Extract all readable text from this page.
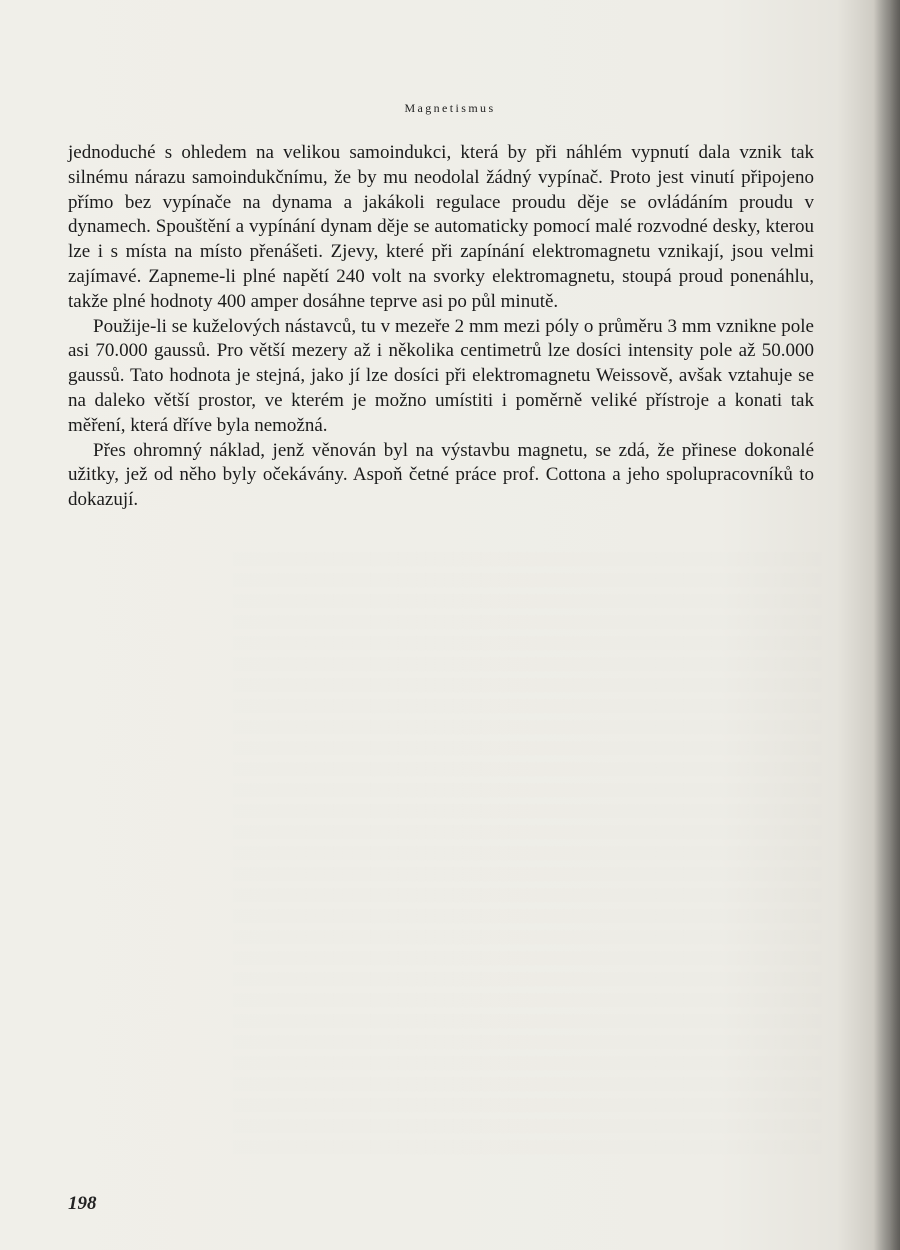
░░░░░░░░░░░░░░░░░░░░░░░░░░░░░░░░░░░░░░░░░░░░░░░░░░░░░░░░░░░░░░░░
░░░░░░░░░░░░░░░░░░░░░░░░░░░░░░░░░░░░░░░░░░░░░░░░░░░░░░░░░░░░░░░░
░░░░░░░░░░░░░░░░░░░░░░░░░░░░░░░░░░░░░░░░░░░░░░░░░░░░░░░░░░░░░░░░
░░░░░░░░░░░░░░░░░░░░░░░░░░░░░░░░░░░░░░░░░░░░░░░░░░░░░░░░░░░░░░░░
░░░░░░░░░░░░░░░░░░░░░░░░░░░░░░░░░░░░░░░░░░░░░░░░░░░░░░░░░░░░░░░░
░░░░░░░░░░░░░░░░░░░░░░░░░░░░░░░░░░░░░░░░░░░░░░░░░░░░░░░░░░░░░░░░
░░░░░░░░░░░░░░░░░░░░░░░░░░░░░░░░░░░░░░░░░░░░░░░░░░░░░░░░░░░░░░░░
░░░░░░░░░░░░░░░░░░░░░░░░░░░░░░░░░░░░░░░░░░░░░░░░░░░░░░░░░░░░░░░░
░░░░░░░░░░░░░░░░░░░░░░░░░░░░░░░░░░░░░░░░░░░░░░░░░░░░░░░░░░░░░░░░
░░░░░░░░░░░░░░░░░░░░░░░░░░░░░░░░░░░░░░░░░░░░░░░░░░░░░░░░░░░░░░░░
░░░░░░░░░░░░░░░░░░░░░░░░░░░░░░░░░░░░░░░░░░░░░░░░░░░░░░░░░░░░░░░░
░░░░░░░░░░░░░░░░░░░░░░░░░░░░░░░░░░░░░░░░░░░░░░░░░░░░░░░░░░░░░░░░
░░░░░░░░░░░░░░░░░░░░░░░░░░░░░░░░░░░░░░░░░░░░░░░░░░░░░░░░░░░░░░░░
░░░░░░░░░░░░░░░░░░░░░░░░░░░░░░░░░░░░░░░░░░░░░░░░░░░░░░░░░░░░░░░░
░░░░░░░░░░░░░░░░░░░░░░░░░░░░░░░░░░░░░░░░░░░░░░░░░░░░░░░░░░░░░░░░
░░░░░░░░░░░░░░░░░░░░░░░░░░░░░░░░░░░░░░░░░░░░░░░░░░░░░░░░░░░░░░░░
░░░░░░░░░░░░░░░░░░░░░░░░░░░░░░░░░░░░░░░░░░░░░░░░░░░░░░░░░░░░░░░░
░░░░░░░░░░░░░░░░░░░░░░░░░░░░░░░░░░░░░░░░░░░░░░░░░░░░░░░░░░░░░░░░
░░░░░░░░░░░░░░░░░░░░░░░░░░░░░░░░░░░░░░░░░░░░░░░░░░░░░░░░░░░░░░░░
░░░░░░░░░░░░░░░░░░░░░░░░░░░░░░░░░░░░░░░░░░░░░░░░░░░░░░░░░░░░░░░░
░░░░░░░░░░░░░░░░░░░░░░░░░░░░░░░░░░░░░░░░░░░░░░░░░░░░░░░░░░░░░░░░
░░░░░░░░░░░░░░░░░░░░░░░░░░░░░░░░░░░░░░░░░░░░░░░░░░░░░░░░░░░░░░░░
░░░░░░░░░░░░░░░░░░░░░░░░░░░░░░░░░░░░░░░░░░░░░░░░░░░░░░░░░░░░░░░░
░░░░░░░░░░░░░░░░░░░░░░░░░░░░░░░░░░░░░░░░░░░░░░░░░░░░░░░░░░░░░░░░
░░░░░░░░░░░░░░░░░░░░░░░░░░░░░░░░░░░░░░░░░░░░░░░░░░░░░░░░░░░░░░░░
░░░░░░░░░░░░░░░░░░░░░░░░░░░░░░░░░░░░░░░░░░░░░░░░░░░░░░░░░░░░░░░░
░░░░░░░░░░░░░░░░░░░░░░░░░░░░░░░░░░░░░░░░░░░░░░░░░░░░░░░░░░░░░░░░
░░░░░░░░░░░░░░░░░░░░░░░░░░░░░░░░░░░░░░░░░░░░░░░░░░░░░░░░░░░░░░░░
░░░░░░░░░░░░░░░░░░░░░░░░░░░░░░░░░░░░░░░░░░░░░░░░░░░░░░░░░░░░░░░░
Magnetismus

jednoduché s ohledem na velikou samoindukci, která by při náhlém vypnutí dala vznik tak silnému nárazu samoindukčnímu, že by mu neodolal žádný vypínač. Proto jest vinutí připojeno přímo bez vypínače na dynama a jakákoli regulace proudu děje se ovládáním proudu v dynamech. Spouštění a vypínání dynam děje se automaticky pomocí malé rozvodné desky, kterou lze i s místa na místo přenášeti. Zjevy, které při zapínání elektromagnetu vznikají, jsou velmi zajímavé. Zapneme-li plné napětí 240 volt na svorky elektromagnetu, stoupá proud ponenáhlu, takže plné hodnoty 400 amper dosáhne teprve asi po půl minutě.

Použije-li se kuželových nástavců, tu v mezeře 2 mm mezi póly o průměru 3 mm vznikne pole asi 70.000 gaussů. Pro větší mezery až i několika centimetrů lze dosíci intensity pole až 50.000 gaussů. Tato hodnota je stejná, jako jí lze dosíci při elektromagnetu Weissově, avšak vztahuje se na daleko větší prostor, ve kterém je možno umístiti i poměrně veliké přístroje a konati tak měření, která dříve byla nemožná.

Přes ohromný náklad, jenž věnován byl na výstavbu magnetu, se zdá, že přinese dokonalé užitky, jež od něho byly očekávány. Aspoň četné práce prof. Cottona a jeho spolupracovníků to dokazují.

198
